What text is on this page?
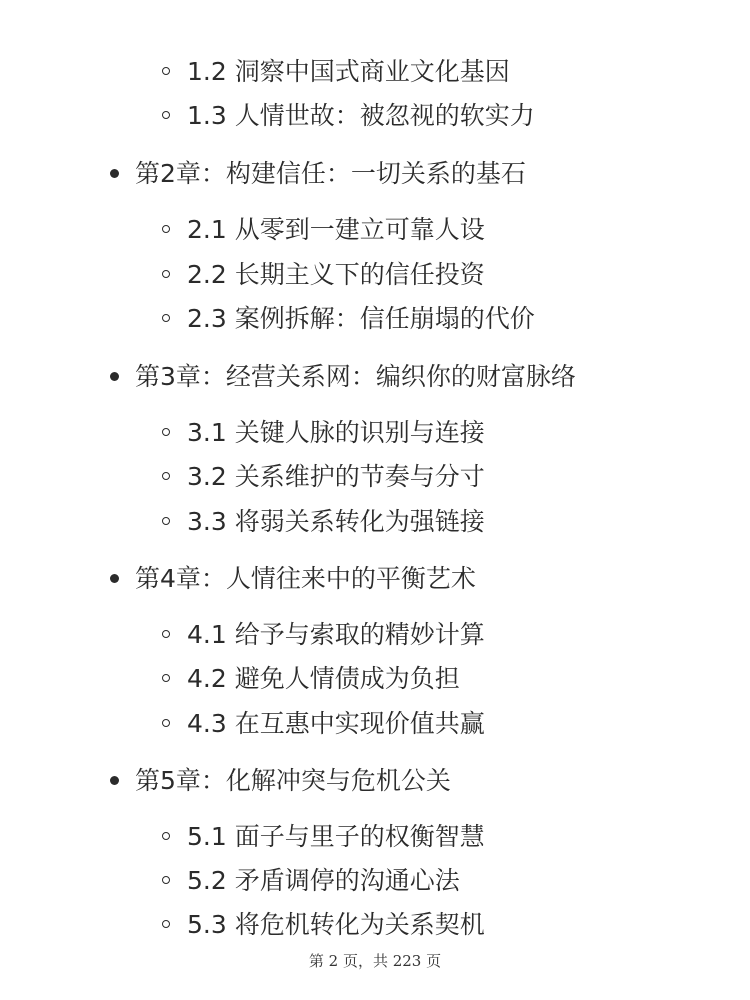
1.2 洞察中国式商业文化基因
1.3 人情世故：被忽视的软实力
第2章：构建信任：一切关系的基石
2.1 从零到一建立可靠人设
2.2 长期主义下的信任投资
2.3 案例拆解：信任崩塌的代价
第3章：经营关系网：编织你的财富脉络
3.1 关键人脉的识别与连接
3.2 关系维护的节奏与分寸
3.3 将弱关系转化为强链接
第4章：人情往来中的平衡艺术
4.1 给予与索取的精妙计算
4.2 避免人情债成为负担
4.3 在互惠中实现价值共赢
第5章：化解冲突与危机公关
5.1 面子与里子的权衡智慧
5.2 矛盾调停的沟通心法
5.3 将危机转化为关系契机
第 2 页，共 223 页
